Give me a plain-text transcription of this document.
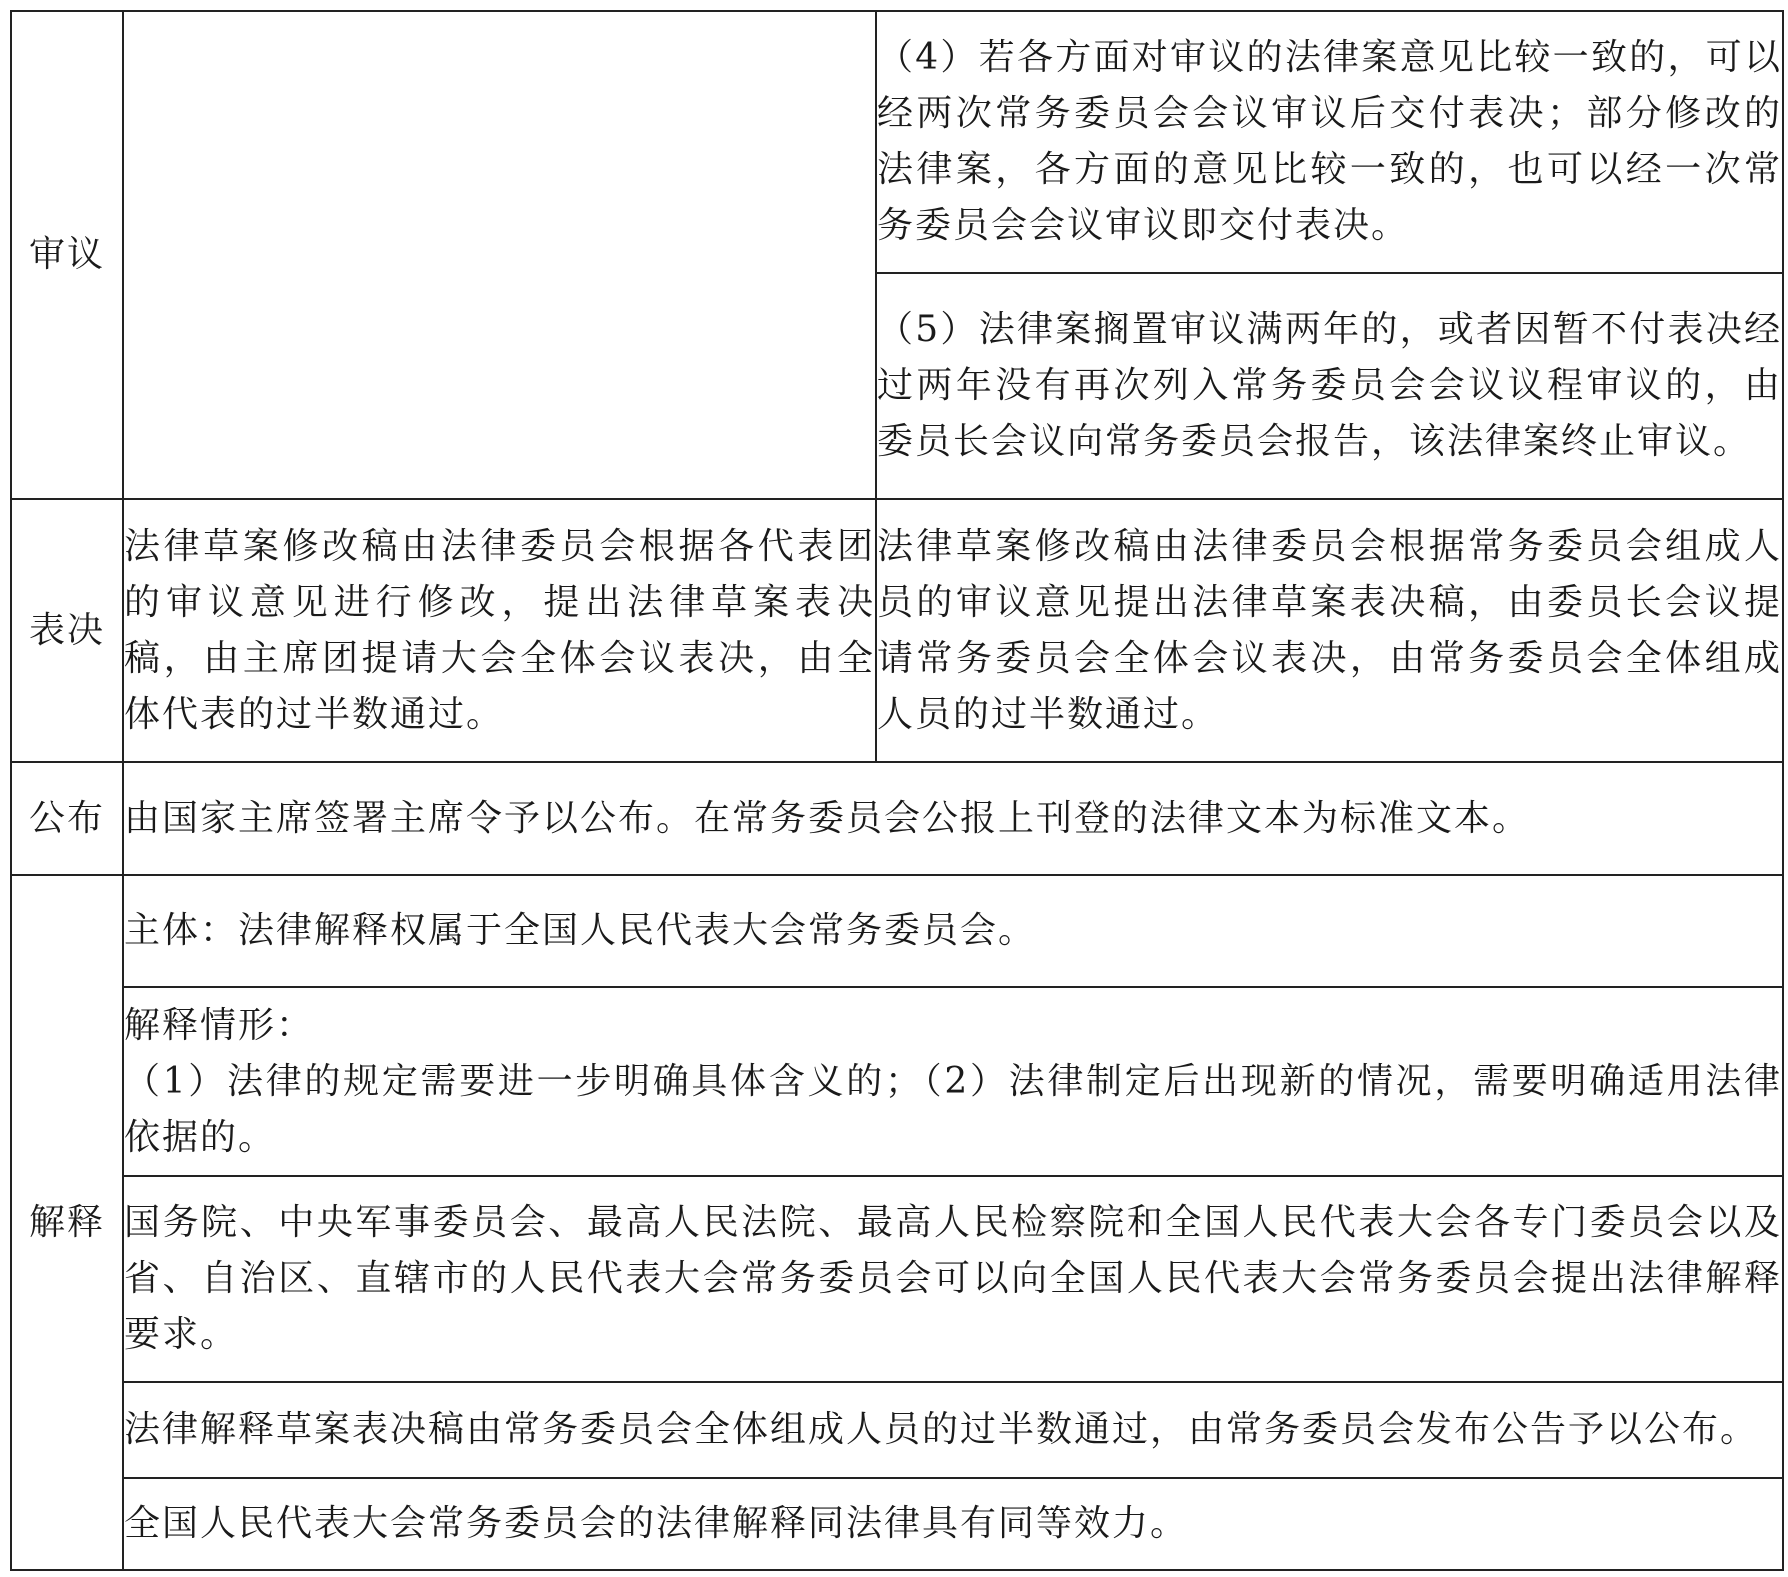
审议		（4）若各方面对审议的法律案意见比较一致的，可以经两次常务委员会会议审议后交付表决；部分修改的法律案，各方面的意见比较一致的，也可以经一次常务委员会会议审议即交付表决。
		（5）法律案搁置审议满两年的，或者因暂不付表决经过两年没有再次列入常务委员会会议议程审议的，由委员长会议向常务委员会报告，该法律案终止审议。
表决	法律草案修改稿由法律委员会根据各代表团的审议意见进行修改，提出法律草案表决稿，由主席团提请大会全体会议表决，由全体代表的过半数通过。	法律草案修改稿由法律委员会根据常务委员会组成人员的审议意见提出法律草案表决稿，由委员长会议提请常务委员会全体会议表决，由常务委员会全体组成人员的过半数通过。
公布	由国家主席签署主席令予以公布。在常务委员会公报上刊登的法律文本为标准文本。	
解释	主体：法律解释权属于全国人民代表大会常务委员会。	

	解释情形：
（1）法律的规定需要进一步明确具体含义的；（2）法律制定后出现新的情况，需要明确适用法律依据的。	

	国务院、中央军事委员会、最高人民法院、最高人民检察院和全国人民代表大会各专门委员会以及省、自治区、直辖市的人民代表大会常务委员会可以向全国人民代表大会常务委员会提出法律解释要求。	
	法律解释草案表决稿由常务委员会全体组成人员的过半数通过，由常务委员会发布公告予以公布。	
	全国人民代表大会常务委员会的法律解释同法律具有同等效力。	
